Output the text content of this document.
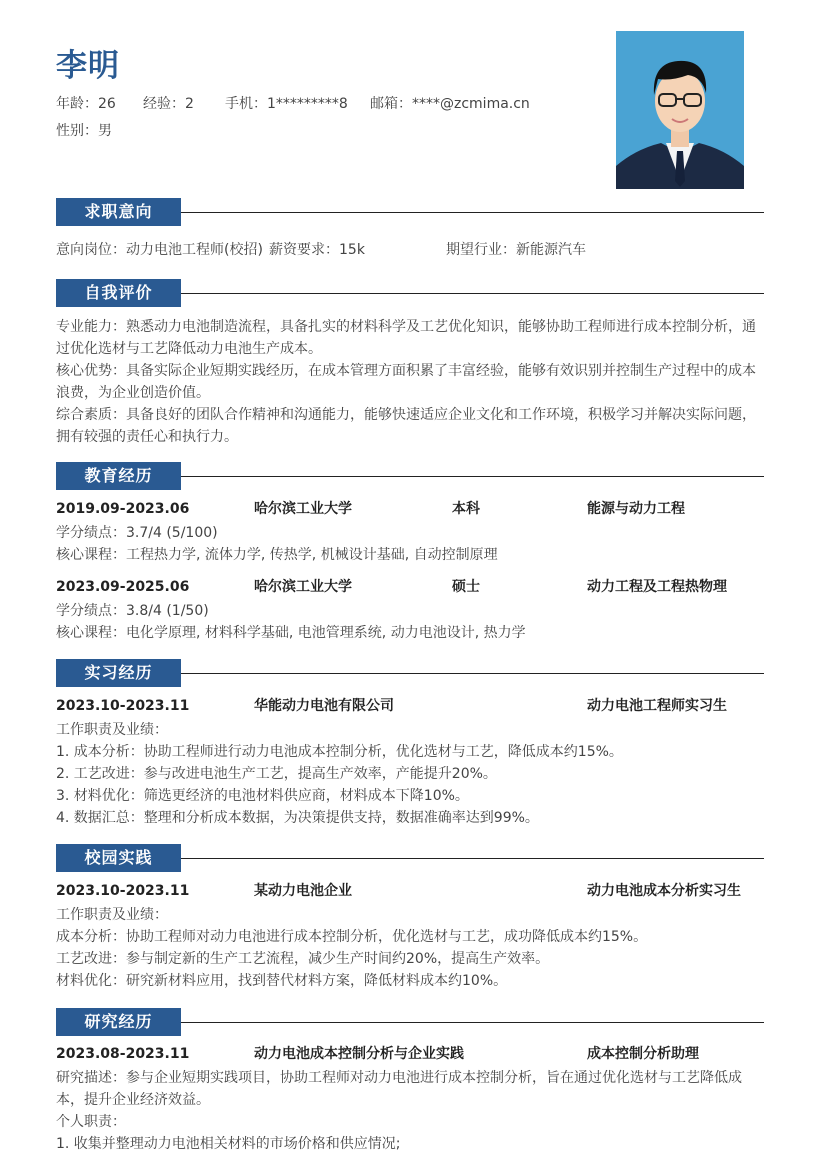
李明
年龄：26 经验：2 手机：1*********8 邮箱：****@zcmima.cn
性别：男
求职意向
意向岗位：动力电池工程师(校招) 薪资要求：15k	期望行业：新能源汽车
自我评价
专业能力：熟悉动力电池制造流程，具备扎实的材料科学及工艺优化知识，能够协助工程师进行成本控制分析，通过优化选材与工艺降低动力电池生产成本。
核心优势：具备实际企业短期实践经历，在成本管理方面积累了丰富经验，能够有效识别并控制生产过程中的成本浪费，为企业创造价值。
综合素质：具备良好的团队合作精神和沟通能力，能够快速适应企业文化和工作环境，积极学习并解决实际问题，拥有较强的责任心和执行力。
教育经历
2019.09-2023.06	哈尔滨工业大学	本科	能源与动力工程
学分绩点：3.7/4 (5/100)
核心课程：工程热力学, 流体力学, 传热学, 机械设计基础, 自动控制原理
2023.09-2025.06	哈尔滨工业大学	硕士	动力工程及工程热物理
学分绩点：3.8/4 (1/50)
核心课程：电化学原理, 材料科学基础, 电池管理系统, 动力电池设计, 热力学
实习经历
2023.10-2023.11	华能动力电池有限公司	动力电池工程师实习生
工作职责及业绩：
1. 成本分析：协助工程师进行动力电池成本控制分析，优化选材与工艺，降低成本约15%。
2. 工艺改进：参与改进电池生产工艺，提高生产效率，产能提升20%。
3. 材料优化：筛选更经济的电池材料供应商，材料成本下降10%。
4. 数据汇总：整理和分析成本数据，为决策提供支持，数据准确率达到99%。
校园实践
2023.10-2023.11	某动力电池企业	动力电池成本分析实习生
工作职责及业绩：
成本分析：协助工程师对动力电池进行成本控制分析，优化选材与工艺，成功降低成本约15%。
工艺改进：参与制定新的生产工艺流程，减少生产时间约20%，提高生产效率。
材料优化：研究新材料应用，找到替代材料方案，降低材料成本约10%。
研究经历
2023.08-2023.11	动力电池成本控制分析与企业实践	成本控制分析助理
研究描述：参与企业短期实践项目，协助工程师对动力电池进行成本控制分析，旨在通过优化选材与工艺降低成本，提升企业经济效益。
个人职责：
1. 收集并整理动力电池相关材料的市场价格和供应情况;
